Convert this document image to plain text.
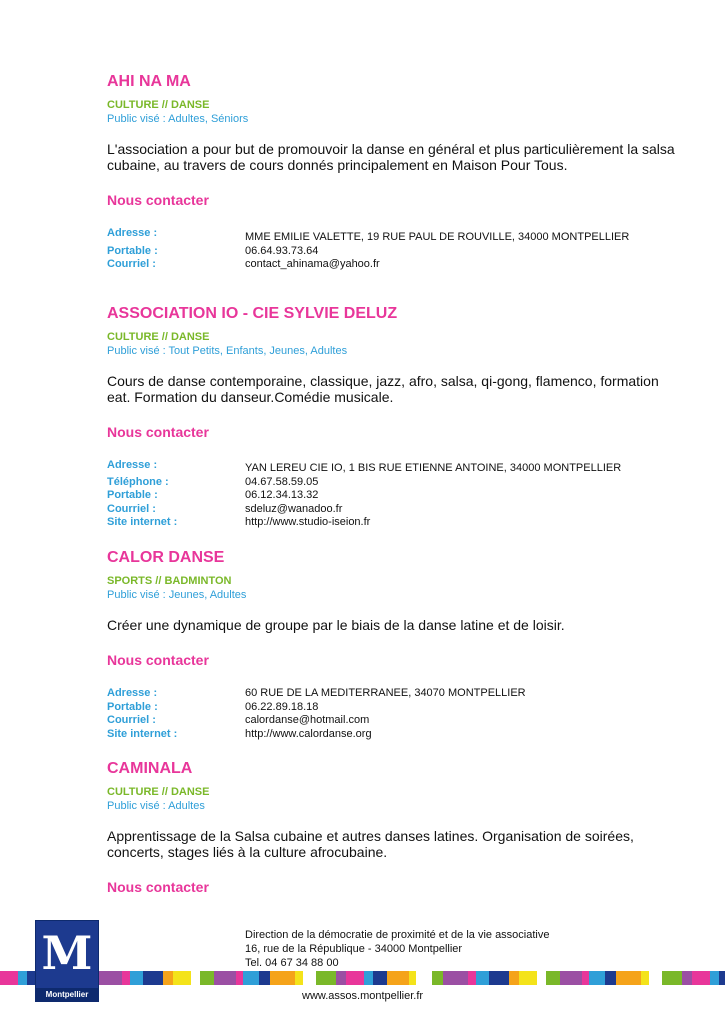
AHI NA MA
CULTURE // DANSE
Public visé : Adultes, Séniors
L'association a pour but de promouvoir la danse en général et plus particulièrement la salsa cubaine, au travers de cours donnés principalement en Maison Pour Tous.
Nous contacter
Adresse :	MME EMILIE VALETTE, 19 RUE PAUL DE ROUVILLE, 34000 MONTPELLIER
Portable :	06.64.93.73.64
Courriel :	contact_ahinama@yahoo.fr
ASSOCIATION IO - CIE SYLVIE DELUZ
CULTURE // DANSE
Public visé : Tout Petits, Enfants, Jeunes, Adultes
Cours de danse contemporaine, classique, jazz, afro, salsa, qi-gong, flamenco, formation eat. Formation du danseur.Comédie musicale.
Nous contacter
Adresse :	YAN LEREU CIE IO, 1 BIS RUE ETIENNE ANTOINE, 34000 MONTPELLIER
Téléphone :	04.67.58.59.05
Portable :	06.12.34.13.32
Courriel :	sdeluz@wanadoo.fr
Site internet :	http://www.studio-iseion.fr
CALOR DANSE
SPORTS // BADMINTON
Public visé : Jeunes, Adultes
Créer une dynamique de groupe par le biais de la danse latine et de loisir.
Nous contacter
Adresse :	60 RUE DE LA MEDITERRANEE, 34070 MONTPELLIER
Portable :	06.22.89.18.18
Courriel :	calordanse@hotmail.com
Site internet :	http://www.calordanse.org
CAMINALA
CULTURE // DANSE
Public visé : Adultes
Apprentissage de la Salsa cubaine et autres danses latines. Organisation de soirées, concerts, stages liés à la culture afrocubaine.
Nous contacter
M
Montpellier
Direction de la démocratie de proximité et de la vie associative
16, rue de la République - 34000 Montpellier
Tel. 04 67 34 88 00
www.assos.montpellier.fr
